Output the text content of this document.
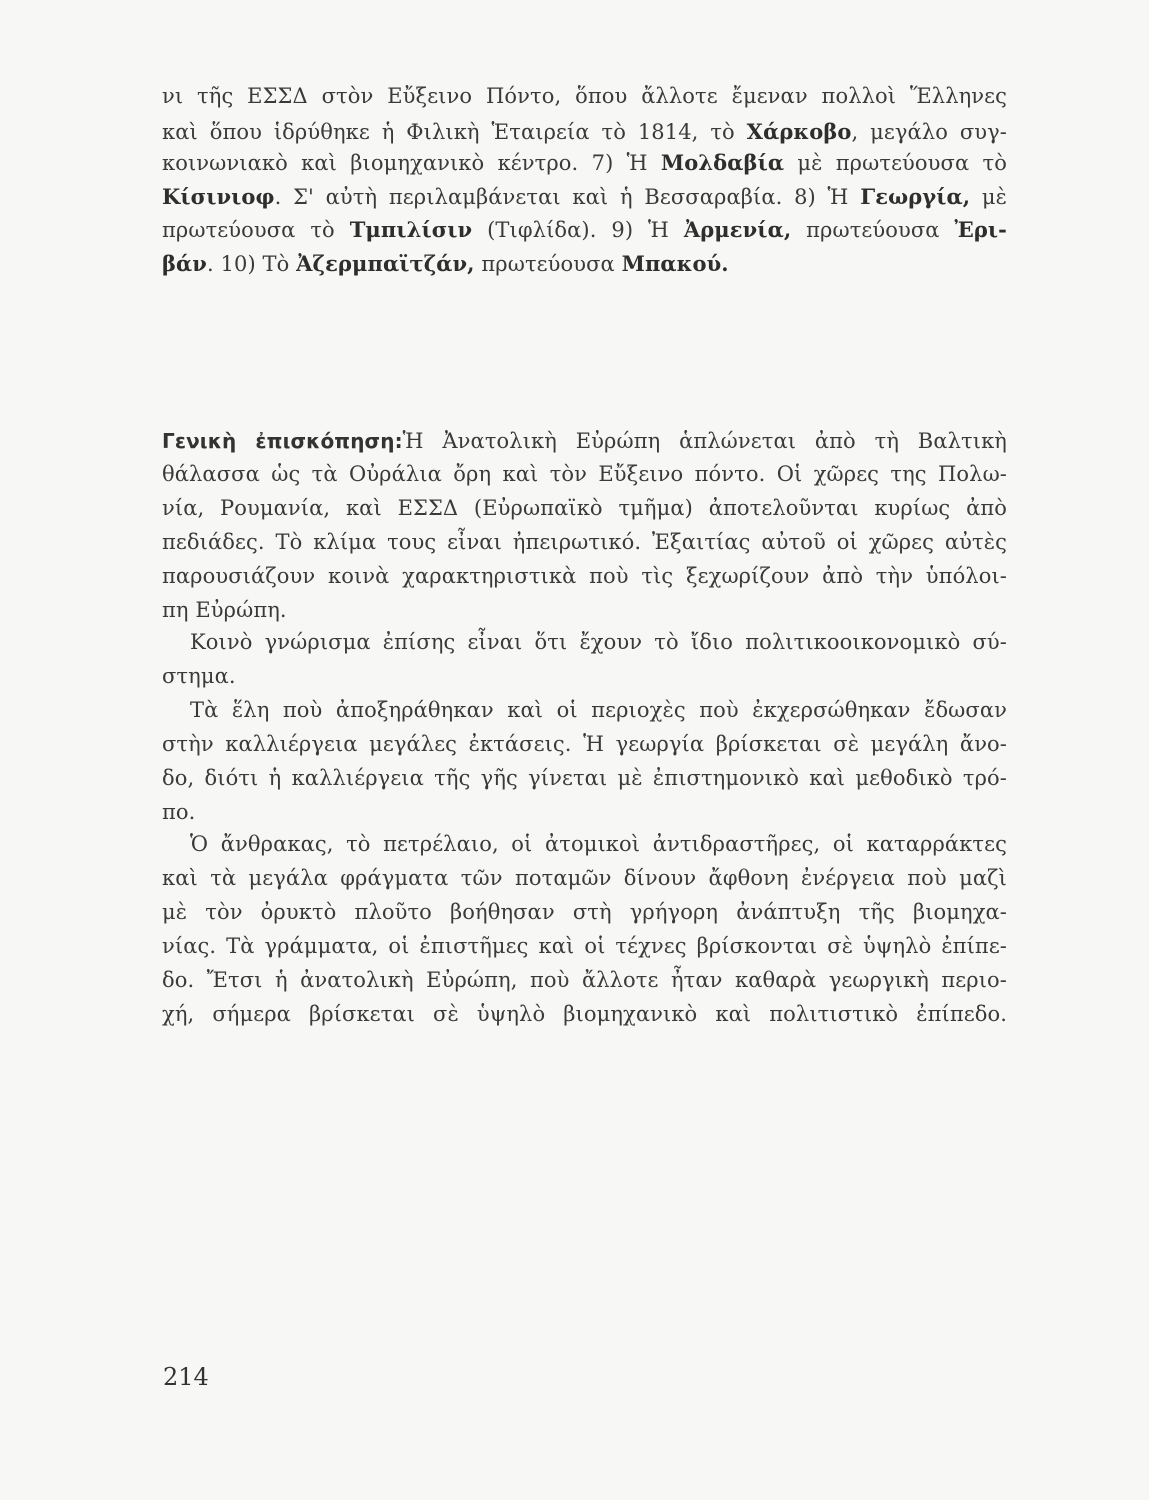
νι τῆς ΕΣΣΔ στὸν Εὔξεινο Πόντο, ὅπου ἄλλοτε ἔμεναν πολλοὶ Ἕλληνες
καὶ ὅπου ἱδρύθηκε ἡ Φιλικὴ Ἑταιρεία τὸ 1814, τὸ Χάρκοβο, μεγάλο συγ-
κοινωνιακὸ καὶ βιομηχανικὸ κέντρο. 7) Ἡ Μολδαβία μὲ πρωτεύουσα τὸ
Κίσινιοφ. Σ' αὐτὴ περιλαμβάνεται καὶ ἡ Βεσσαραβία. 8) Ἡ Γεωργία, μὲ
πρωτεύουσα τὸ Τμπιλίσιν (Τιφλίδα). 9) Ἡ Ἀρμενία, πρωτεύουσα Ἐρι-
βάν. 10) Τὸ Ἀζερμπαϊτζάν, πρωτεύουσα Μπακού.
Γενικὴ ἐπισκόπηση:Ἡ Ἀνατολικὴ Εὐρώπη ἁπλώνεται ἀπὸ τὴ Βαλτικὴ
θάλασσα ὡς τὰ Οὐράλια ὄρη καὶ τὸν Εὔξεινο πόντο. Οἱ χῶρες της Πολω-
νία, Ρουμανία, καὶ ΕΣΣΔ (Εὐρωπαϊκὸ τμῆμα) ἀποτελοῦνται κυρίως ἀπὸ
πεδιάδες. Τὸ κλίμα τους εἶναι ἠπειρωτικό. Ἐξαιτίας αὐτοῦ οἱ χῶρες αὐτὲς
παρουσιάζουν κοινὰ χαρακτηριστικὰ ποὺ τὶς ξεχωρίζουν ἀπὸ τὴν ὑπόλοι-
πη Εὐρώπη.
Κοινὸ γνώρισμα ἐπίσης εἶναι ὅτι ἔχουν τὸ ἴδιο πολιτικοοικονομικὸ σύ-
στημα.
Τὰ ἕλη ποὺ ἀποξηράθηκαν καὶ οἱ περιοχὲς ποὺ ἐκχερσώθηκαν ἔδωσαν
στὴν καλλιέργεια μεγάλες ἐκτάσεις. Ἡ γεωργία βρίσκεται σὲ μεγάλη ἄνο-
δο, διότι ἡ καλλιέργεια τῆς γῆς γίνεται μὲ ἐπιστημονικὸ καὶ μεθοδικὸ τρό-
πο.
Ὁ ἄνθρακας, τὸ πετρέλαιο, οἱ ἀτομικοὶ ἀντιδραστῆρες, οἱ καταρράκτες
καὶ τὰ μεγάλα φράγματα τῶν ποταμῶν δίνουν ἄφθονη ἐνέργεια ποὺ μαζὶ
μὲ τὸν ὀρυκτὸ πλοῦτο βοήθησαν στὴ γρήγορη ἀνάπτυξη τῆς βιομηχα-
νίας. Τὰ γράμματα, οἱ ἐπιστῆμες καὶ οἱ τέχνες βρίσκονται σὲ ὑψηλὸ ἐπίπε-
δο. Ἔτσι ἡ ἀνατολικὴ Εὐρώπη, ποὺ ἄλλοτε ἦταν καθαρὰ γεωργικὴ περιο-
χή, σήμερα βρίσκεται σὲ ὑψηλὸ βιομηχανικὸ καὶ πολιτιστικὸ ἐπίπεδο.
214
